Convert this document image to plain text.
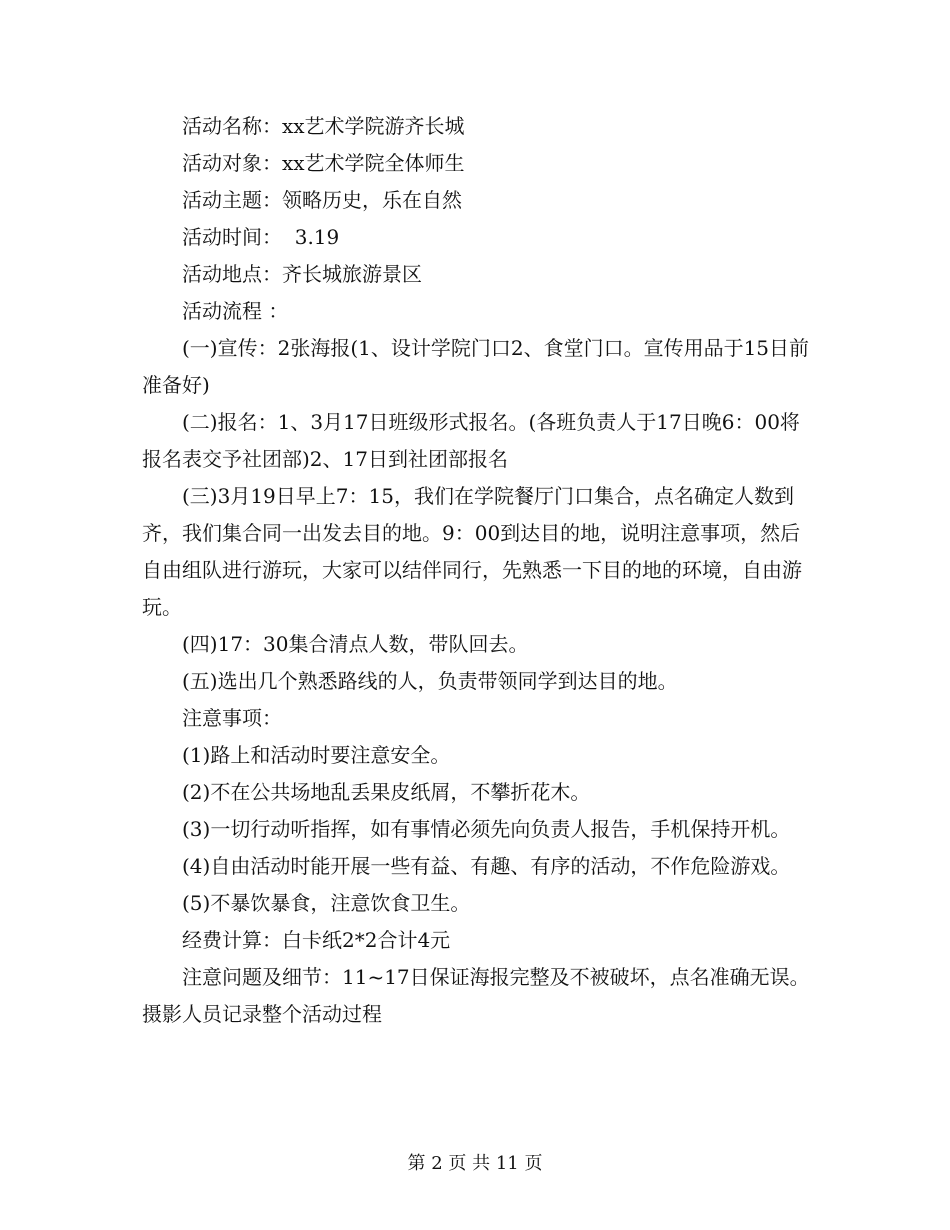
活动名称：xx艺术学院游齐长城

活动对象：xx艺术学院全体师生

活动主题：领略历史，乐在自然

活动时间：  3.19

活动地点：齐长城旅游景区

活动流程 ：

(一)宣传：2张海报(1、设计学院门口2、食堂门口。宣传用品于15日前准备好)

(二)报名：1、3月17日班级形式报名。(各班负责人于17日晚6：00将报名表交予社团部)2、17日到社团部报名

(三)3月19日早上7：15，我们在学院餐厅门口集合，点名确定人数到齐，我们集合同一出发去目的地。9：00到达目的地，说明注意事项，然后自由组队进行游玩，大家可以结伴同行，先熟悉一下目的地的环境，自由游玩。

(四)17：30集合清点人数，带队回去。

(五)选出几个熟悉路线的人，负责带领同学到达目的地。

注意事项：

(1)路上和活动时要注意安全。

(2)不在公共场地乱丢果皮纸屑，不攀折花木。

(3)一切行动听指挥，如有事情必须先向负责人报告，手机保持开机。

(4)自由活动时能开展一些有益、有趣、有序的活动，不作危险游戏。

(5)不暴饮暴食，注意饮食卫生。

经费计算：白卡纸2*2合计4元

注意问题及细节：11~17日保证海报完整及不被破坏，点名准确无误。摄影人员记录整个活动过程

第 2 页 共 11 页
